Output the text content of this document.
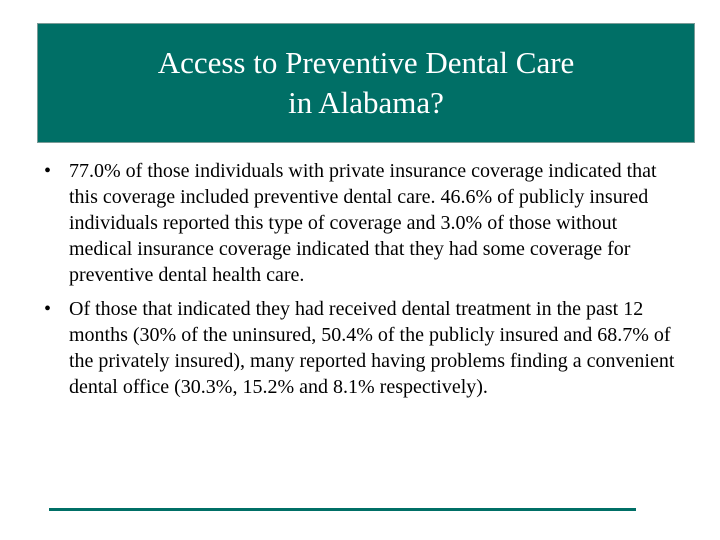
Access to Preventive Dental Care
in Alabama?
• 77.0% of those individuals with private insurance coverage indicated that this coverage included preventive dental care. 46.6% of publicly insured individuals reported this type of coverage and 3.0% of those without medical insurance coverage indicated that they had some coverage for preventive dental health care.
• Of those that indicated they had received dental treatment in the past 12 months (30% of the uninsured, 50.4% of the publicly insured and 68.7% of the privately insured), many reported having problems finding a convenient dental office (30.3%, 15.2% and 8.1% respectively).
